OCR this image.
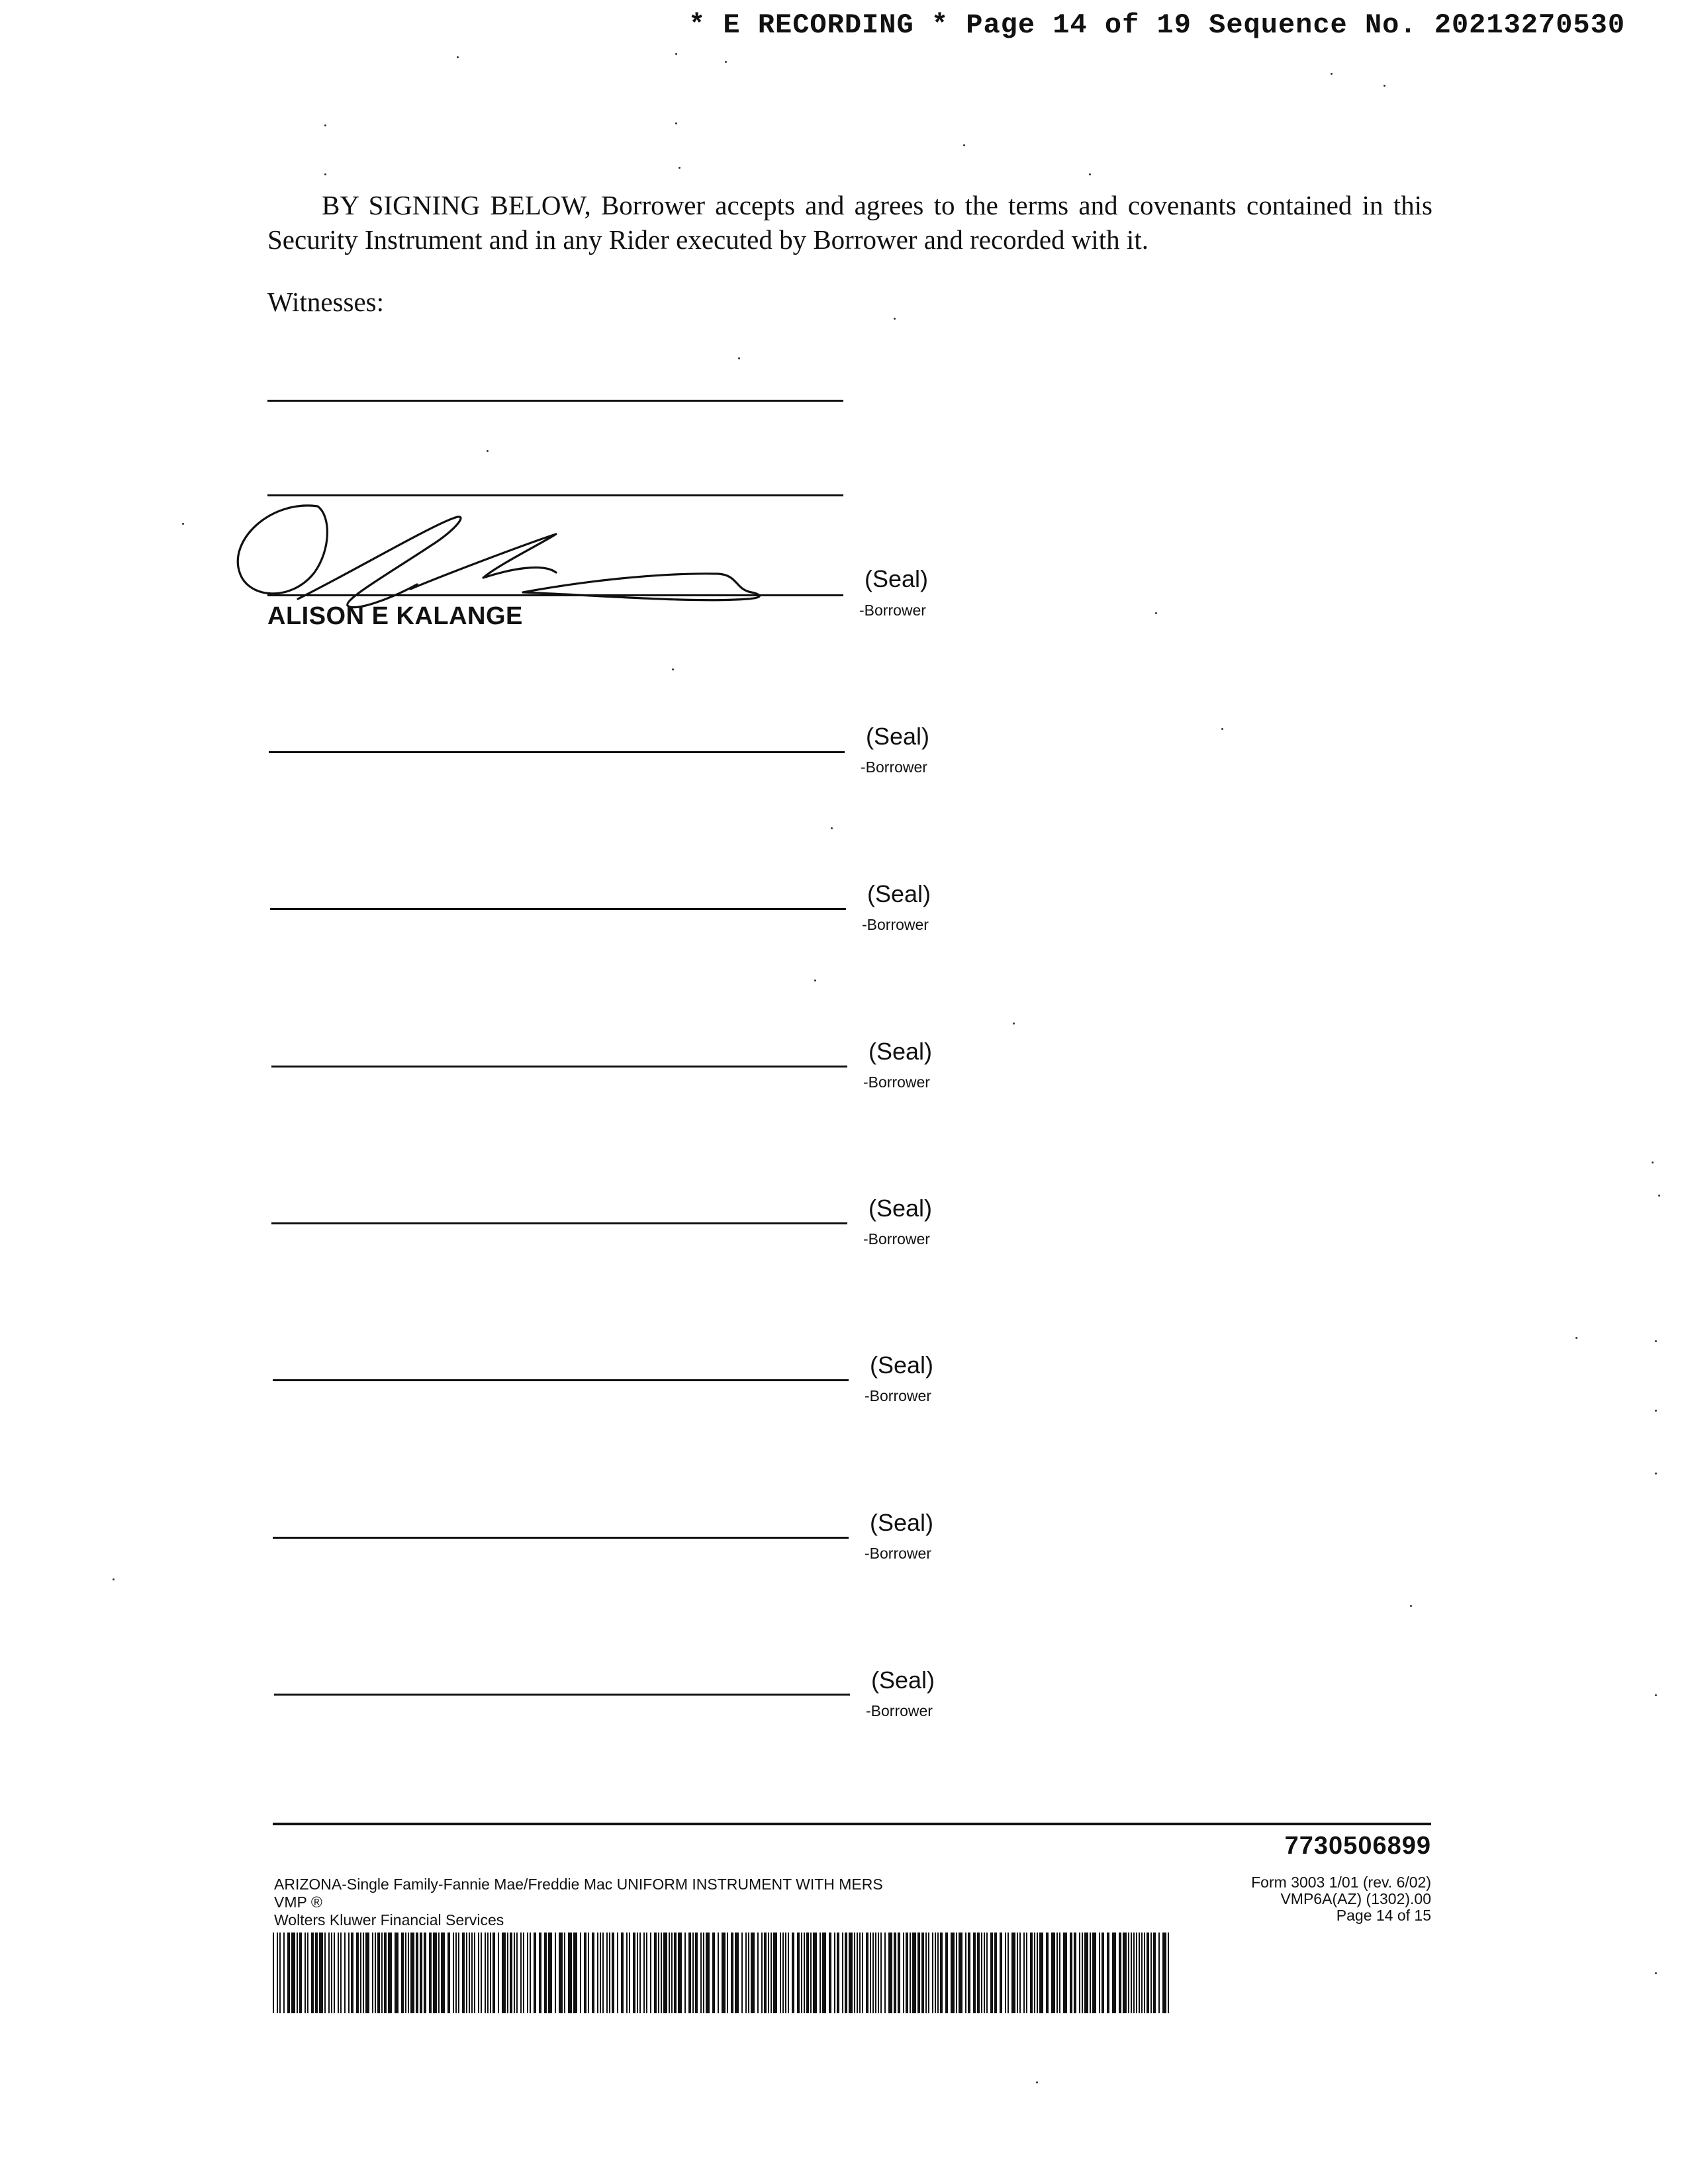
* E RECORDING * Page 14 of 19 Sequence No. 20213270530
BY SIGNING BELOW, Borrower accepts and agrees to the terms and covenants contained in this Security Instrument and in any Rider executed by Borrower and recorded with it.
Witnesses:
(Seal)
-Borrower
ALISON E KALANGE
(Seal)
-Borrower
(Seal)
-Borrower
(Seal)
-Borrower
(Seal)
-Borrower
(Seal)
-Borrower
(Seal)
-Borrower
(Seal)
-Borrower
7730506899
ARIZONA-Single Family-Fannie Mae/Freddie Mac UNIFORM INSTRUMENT WITH MERS
VMP ®
Wolters Kluwer Financial Services
Form 3003 1/01 (rev. 6/02)
VMP6A(AZ) (1302).00
Page 14 of 15
